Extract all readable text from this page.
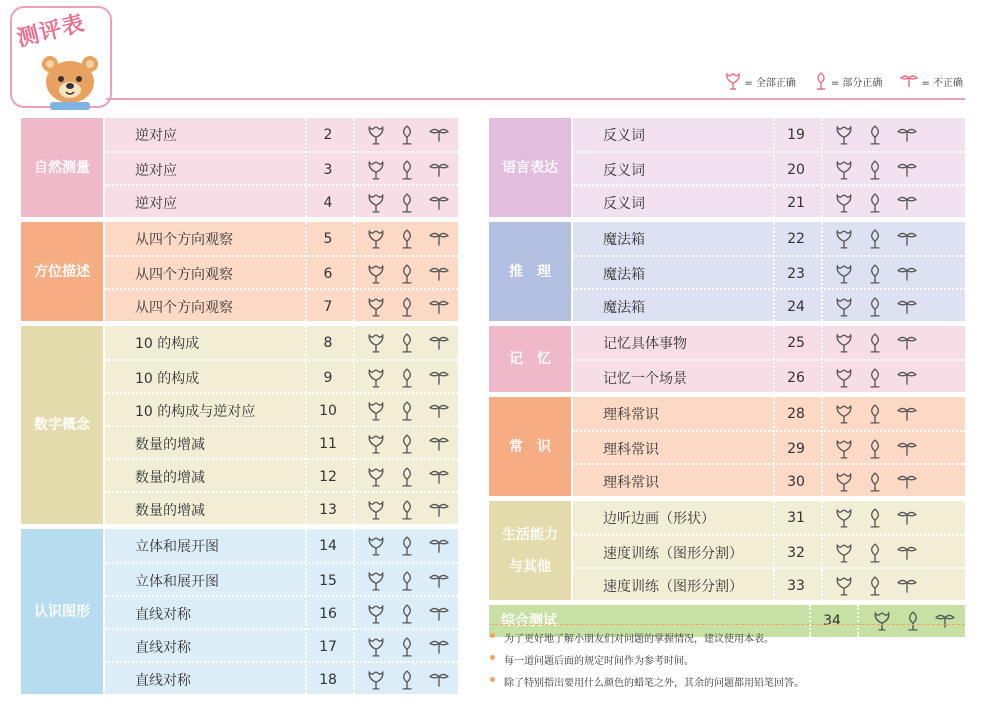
测评表
= 全部正确	= 部分正确	= 不正确
自然测量
逆对应	2
逆对应	3
逆对应	4
方位描述
从四个方向观察	5
从四个方向观察	6
从四个方向观察	7
数字概念
10 的构成	8
10 的构成	9
10 的构成与逆对应	10
数量的增减	11
数量的增减	12
数量的增减	13
认识图形
立体和展开图	14
立体和展开图	15
直线对称	16
直线对称	17
直线对称	18
语言表达
反义词	19
反义词	20
反义词	21
推　理
魔法箱	22
魔法箱	23
魔法箱	24
记　忆
记忆具体事物	25
记忆一个场景	26
常　识
理科常识	28
理科常识	29
理科常识	30
生活能力
与其他
边听边画（形状）	31
速度训练（图形分割）	32
速度训练（图形分割）	33
综合测试	34
为了更好地了解小朋友们对问题的掌握情况，建议使用本表。
每一道问题后面的规定时间作为参考时间。
除了特别指出要用什么颜色的蜡笔之外，其余的问题都用铅笔回答。
